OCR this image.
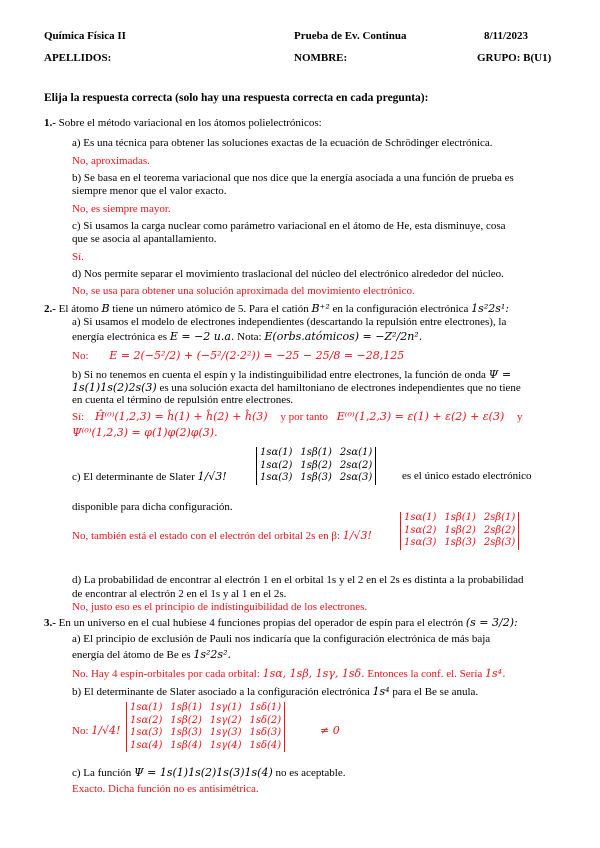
Química Física II	Prueba de Ev. Continua	8/11/2023
APELLIDOS:	NOMBRE:	GRUPO: B(U1)
Elija la respuesta correcta (solo hay una respuesta correcta en cada pregunta):
1.- Sobre el método variacional en los átomos polielectrónicos:
a) Es una técnica para obtener las soluciones exactas de la ecuación de Schrödinger electrónica.
No, aproximadas.
b) Se basa en el teorema variacional que nos dice que la energía asociada a una función de prueba es
siempre menor que el valor exacto.
No, es siempre mayor.
c) Si usamos la carga nuclear como parámetro variacional en el átomo de He, esta disminuye, cosa
que se asocia al apantallamiento.
Sí.
d) Nos permite separar el movimiento traslacional del núcleo del electrónico alrededor del núcleo.
No, se usa para obtener una solución aproximada del movimiento electrónico.
2.- El átomo B tiene un número atómico de 5. Para el catión B⁺² en la configuración electrónica 1s²2s¹:
a) Si usamos el modelo de electrones independientes (descartando la repulsión entre electrones), la
energía electrónica es E = −2 u.a. Nota: E(orbs.atómicos) = −Z²/2n².
No: E = 2(−5²/2) + (−5²/(2·2²)) = −25 − 25/8 = −28,125
b) Si no tenemos en cuenta el espín y la indistinguibilidad entre electrones, la función de onda Ψ =
1s(1)1s(2)2s(3) es una solución exacta del hamiltoniano de electrones independientes que no tiene
en cuenta el término de repulsión entre electrones.
Sí: Ĥ⁽⁰⁾(1,2,3) = ĥ(1) + ĥ(2) + ĥ(3) y por tanto E⁽⁰⁾(1,2,3) = ε(1) + ε(2) + ε(3) y
Ψ⁽⁰⁾(1,2,3) = φ(1)φ(2)φ(3).
c) El determinante de Slater 1/√3!
1sα(1) 1sβ(1) 2sα(1)
1sα(2) 1sβ(2) 2sα(2)
1sα(3) 1sβ(3) 2sα(3)	es el único estado electrónico
disponible para dicha configuración.
No, también está el estado con el electrón del orbital 2s en β: 1/√3!
1sα(1) 1sβ(1) 2sβ(1)
1sα(2) 1sβ(2) 2sβ(2)
1sα(3) 1sβ(3) 2sβ(3)
d) La probabilidad de encontrar al electrón 1 en el orbital 1s y el 2 en el 2s es distinta a la probabilidad
de encontrar al electrón 2 en el 1s y al 1 en el 2s.
No, justo eso es el principio de indistinguibilidad de los electrones.
3.- En un universo en el cual hubiese 4 funciones propias del operador de espín para el electrón (s = 3/2):
a) El principio de exclusión de Pauli nos indicaría que la configuración electrónica de más baja
energía del átomo de Be es 1s²2s².
No. Hay 4 espín-orbitales por cada orbital: 1sα, 1sβ, 1sγ, 1sδ. Entonces la conf. el. Sería 1s⁴.
b) El determinante de Slater asociado a la configuración electrónica 1s⁴ para el Be se anula.
No: 1/√4!
1sα(1) 1sβ(1) 1sγ(1) 1sδ(1)
1sα(2) 1sβ(2) 1sγ(2) 1sδ(2)
1sα(3) 1sβ(3) 1sγ(3) 1sδ(3)
1sα(4) 1sβ(4) 1sγ(4) 1sδ(4)
≠ 0
c) La función Ψ = 1s(1)1s(2)1s(3)1s(4) no es aceptable.
Exacto. Dicha función no es antisimétrica.
